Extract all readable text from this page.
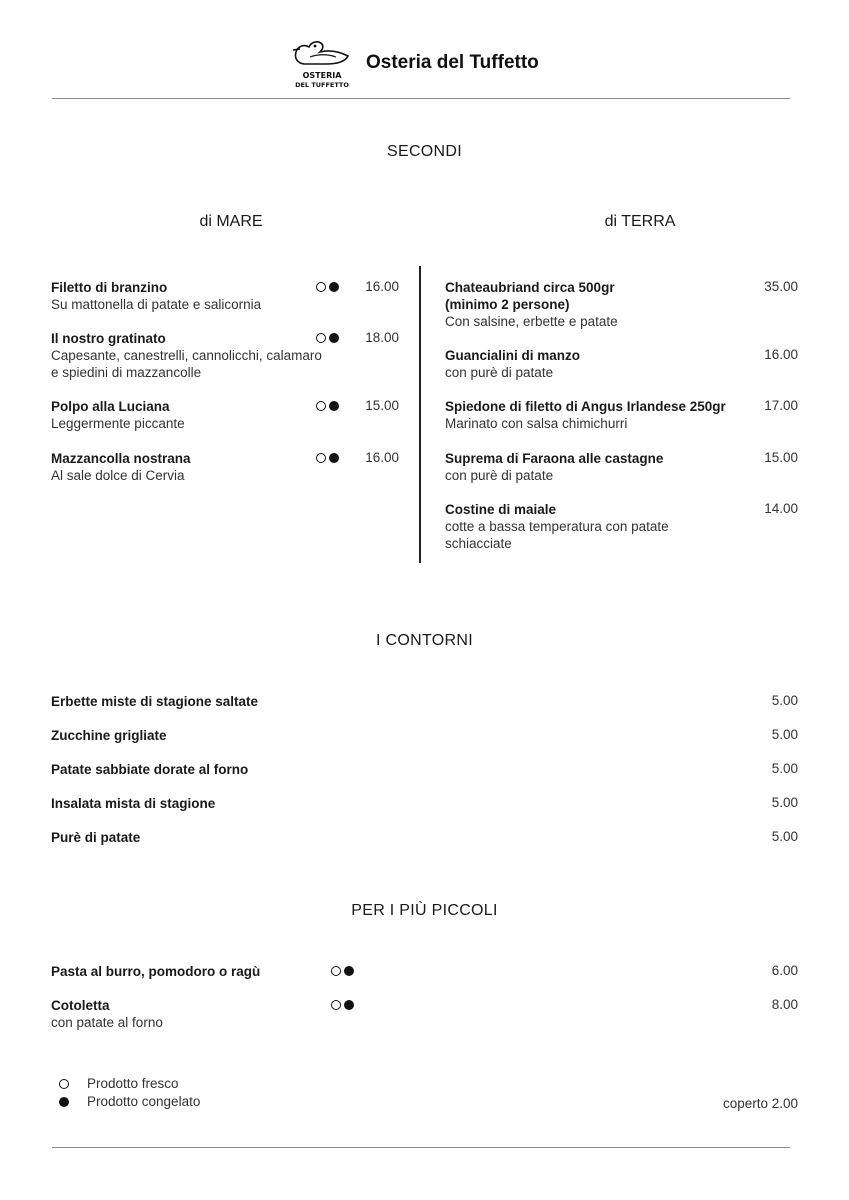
OSTERIA
DEL TUFFETTO
Osteria del Tuffetto
SECONDI
di MARE	di TERRA
Filetto di branzino
Su mattonella di patate e salicornia
16.00
Il nostro gratinato
Capesante, canestrelli, cannolicchi, calamaro
e spiedini di mazzancolle
18.00
Polpo alla Luciana
Leggermente piccante
15.00
Mazzancolla nostrana
Al sale dolce di Cervia
16.00
Chateaubriand circa 500gr
(minimo 2 persone)
Con salsine, erbette e patate
35.00
Guancialini di manzo
con purè di patate
16.00
Spiedone di filetto di Angus Irlandese 250gr
Marinato con salsa chimichurri
17.00
Suprema di Faraona alle castagne
con purè di patate
15.00
Costine di maiale
cotte a bassa temperatura con patate
schiacciate
14.00
I CONTORNI
Erbette miste di stagione saltate	5.00
Zucchine grigliate	5.00
Patate sabbiate dorate al forno	5.00
Insalata mista di stagione	5.00
Purè di patate	5.00
PER I PIÙ PICCOLI
Pasta al burro, pomodoro o ragù	6.00
Cotoletta
con patate al forno
8.00
Prodotto fresco
Prodotto congelato	coperto 2.00
